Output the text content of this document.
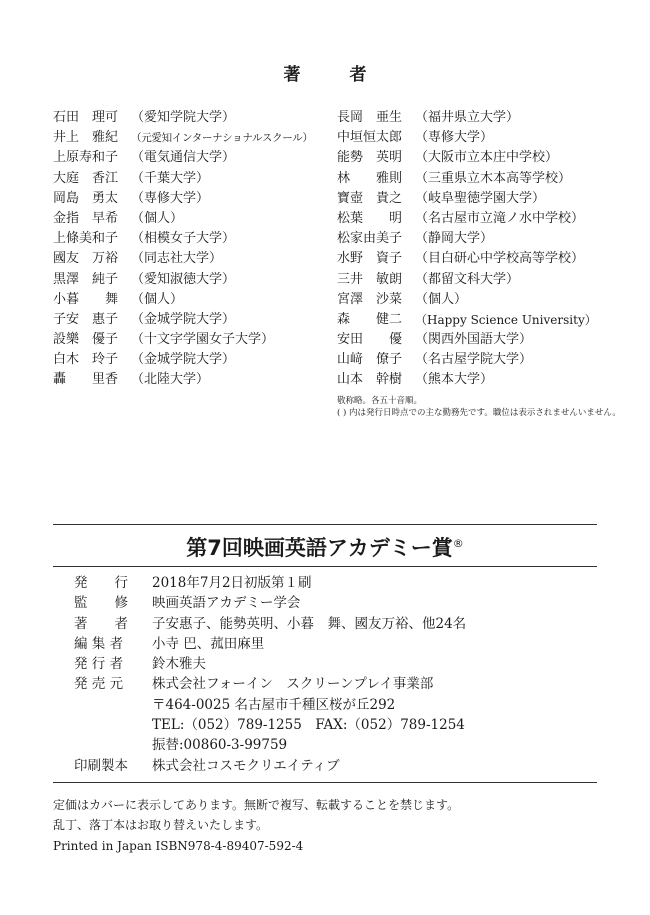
著　者
石田　理可 （愛知学院大学）
井上　雅紀	（元愛知インターナショナルスクール）
上原寿和子 （電気通信大学）
大庭　香江 （千葉大学）
岡島　勇太 （専修大学）
金指　早希 （個人）
上條美和子 （相模女子大学）
國友　万裕 （同志社大学）
黒澤　純子 （愛知淑徳大学）
小暮　　舞 （個人）
子安　惠子 （金城学院大学）
設樂　優子 （十文字学園女子大学）
白木　玲子 （金城学院大学）
轟　　里香 （北陸大学）
長岡　亜生 （福井県立大学）
中垣恒太郎 （専修大学）
能勢　英明 （大阪市立本庄中学校）
林　　雅則 （三重県立木本高等学校）
寶壺　貴之 （岐阜聖徳学園大学）
松葉　　明 （名古屋市立滝ノ水中学校）
松家由美子 （静岡大学）
水野　資子 （目白研心中学校高等学校）
三井　敏朗 （都留文科大学）
宮澤　沙菜 （個人）
森　　健二	（Happy Science University）
安田　　優 （関西外国語大学）
山﨑　僚子 （名古屋学院大学）
山本　幹樹 （熊本大学）
敬称略。各五十音順。
( ) 内は発行日時点での主な勤務先です。職位は表示されませんいません。
第7回映画英語アカデミー賞®
発　　行	2018年7月2日初版第１刷
監　　修	映画英語アカデミー学会
著　　者	子安惠子、能勢英明、小暮　舞、國友万裕、他24名
編 集 者	小寺 巴、菰田麻里
発 行 者	鈴木雅夫
発 売 元	株式会社フォーイン　スクリーンプレイ事業部
〒464-0025 名古屋市千種区桜が丘292
TEL:（052）789-1255　FAX:（052）789-1254
振替:00860-3-99759
印刷製本	株式会社コスモクリエイティブ
定価はカバーに表示してあります。無断で複写、転載することを禁じます。
乱丁、落丁本はお取り替えいたします。
Printed in Japan ISBN978-4-89407-592-4
